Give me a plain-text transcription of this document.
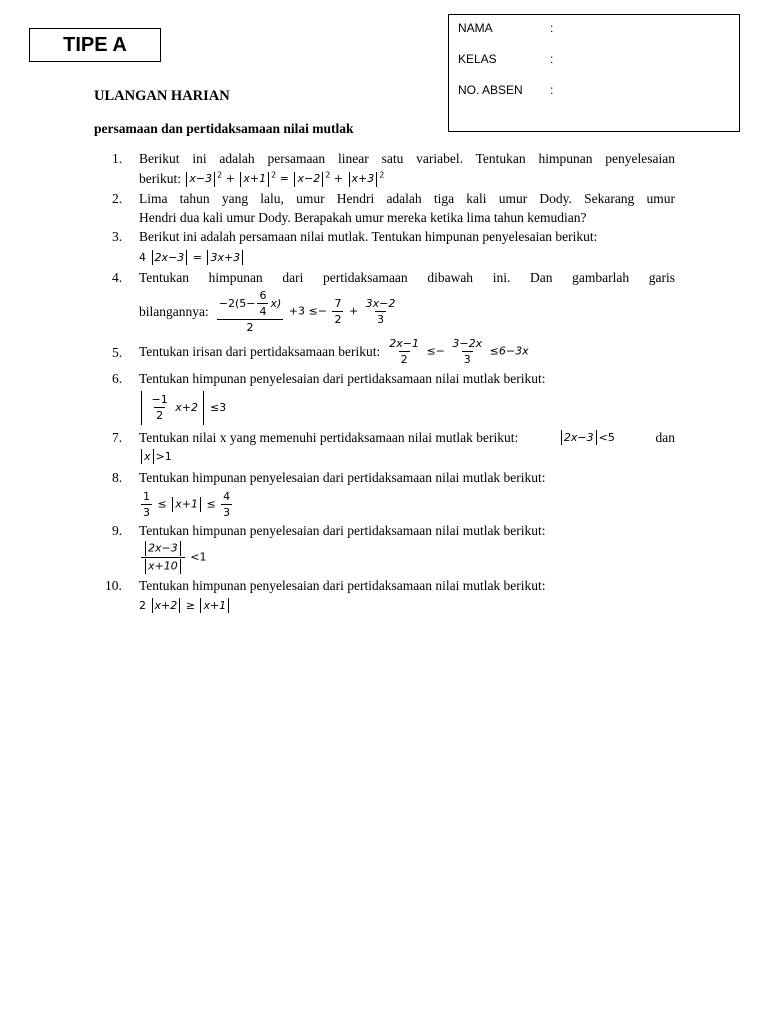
TIPE A
NAMA	:
KELAS	:
NO. ABSEN :
ULANGAN HARIAN
persamaan dan pertidaksamaan nilai mutlak
1.	Berikut ini adalah persamaan linear satu variabel. Tentukan himpunan penyelesaian
berikut: x−3 $^2$ + x+1 $^2$ = x−2 $^2$ + x+3 $^2$
2.	Lima tahun yang lalu, umur Hendri adalah tiga kali umur Dody. Sekarang umur
Hendri dua kali umur Dody. Berapakah umur mereka ketika lima tahun kemudian?
3.	Berikut ini adalah persamaan nilai mutlak. Tentukan himpunan penyelesaian berikut:
4 2x−3 = 3x+3
4.	Tentukan himpunan dari pertidaksamaan dibawah ini. Dan gambarlah garis
bilangannya: $-2(5- \frac{6}{4} x)$
2
$+3 \le- \frac{7}{2} + \frac{3x-2}{3}$
5.	Tentukan irisan dari pertidaksamaan berikut: $\frac{2x-1}{2} \le- \frac{3-2x}{3} \le 6-3x$
6.	Tentukan himpunan penyelesaian dari pertidaksamaan nilai mutlak berikut:

$\frac{-1}{2} x+2 \le 3$
7.	Tentukan nilai x yang memenuhi pertidaksamaan nilai mutlak berikut:	2x−3 <5	dan
x >1
8.	Tentukan himpunan penyelesaian dari pertidaksamaan nilai mutlak berikut:
$\frac{1}{3} \le x+1 \le \frac{4}{3}$
9.	Tentukan himpunan penyelesaian dari pertidaksamaan nilai mutlak berikut:
$\frac{2x-3}{x+10} <1$
10.	Tentukan himpunan penyelesaian dari pertidaksamaan nilai mutlak berikut:
2 x+2 ≥ x+1
